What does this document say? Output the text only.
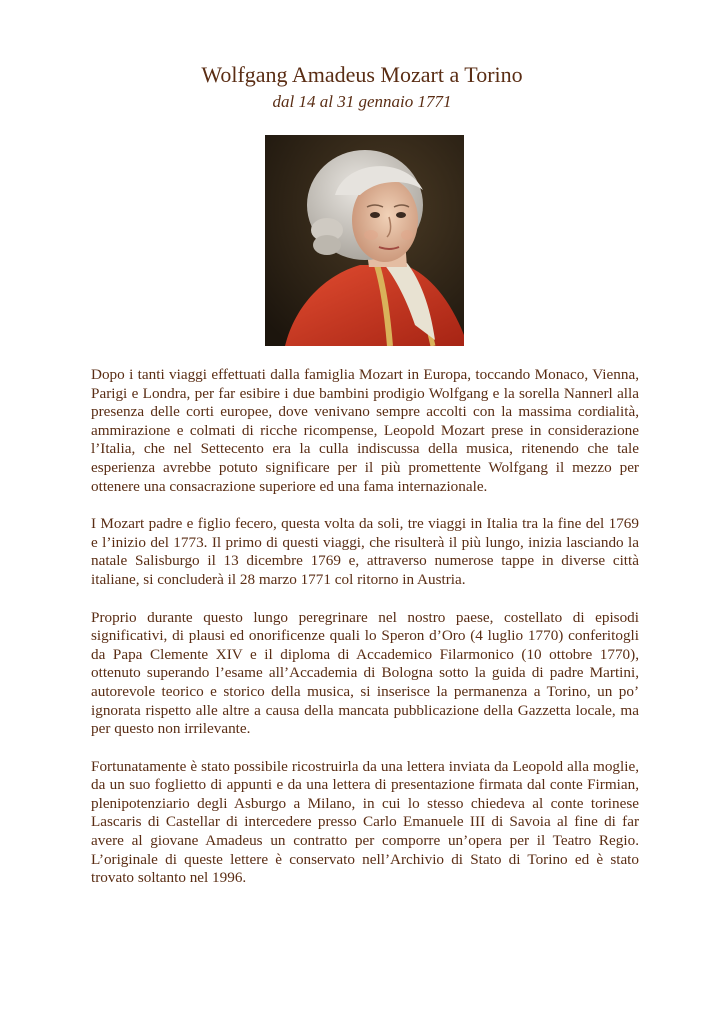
Wolfgang Amadeus Mozart a Torino
dal 14 al 31 gennaio 1771

Dopo i tanti viaggi effettuati dalla famiglia Mozart in Europa, toccando Monaco, Vienna, Parigi e Londra, per far esibire i due bambini prodigio Wolfgang e la sorella Nannerl alla presenza delle corti europee, dove venivano sempre accolti con la massima cordialità, ammirazione e colmati di ricche ricompense, Leopold Mozart prese in considerazione l’Italia, che nel Settecento era la culla indiscussa della musica, ritenendo che tale esperienza avrebbe potuto significare per il più promettente Wolfgang il mezzo per ottenere una consacrazione superiore ed una fama internazionale.

I Mozart padre e figlio fecero, questa volta da soli, tre viaggi in Italia tra la fine del 1769 e l’inizio del 1773. Il primo di questi viaggi, che risulterà il più lungo, inizia lasciando la natale Salisburgo il 13 dicembre 1769 e, attraverso numerose tappe in diverse città italiane, si concluderà il 28 marzo 1771 col ritorno in Austria.

Proprio durante questo lungo peregrinare nel nostro paese, costellato di episodi significativi, di plausi ed onorificenze quali lo Speron d’Oro (4 luglio 1770) conferitogli da Papa Clemente XIV e il diploma di Accademico Filarmonico (10 ottobre 1770), ottenuto superando l’esame all’Accademia di Bologna sotto la guida di padre Martini, autorevole teorico e storico della musica, si inserisce la permanenza a Torino, un po’ ignorata rispetto alle altre a causa della mancata pubblicazione della Gazzetta locale, ma per questo non irrilevante.

Fortunatamente è stato possibile ricostruirla da una lettera inviata da Leopold alla moglie, da un suo foglietto di appunti e da una lettera di presentazione firmata dal conte Firmian, plenipotenziario degli Asburgo a Milano, in cui lo stesso chiedeva al conte torinese Lascaris di Castellar di intercedere presso Carlo Emanuele III di Savoia al fine di far avere al giovane Amadeus un contratto per comporre un’opera per il Teatro Regio. L’originale di queste lettere è conservato nell’Archivio di Stato di Torino ed è stato trovato soltanto nel 1996.
